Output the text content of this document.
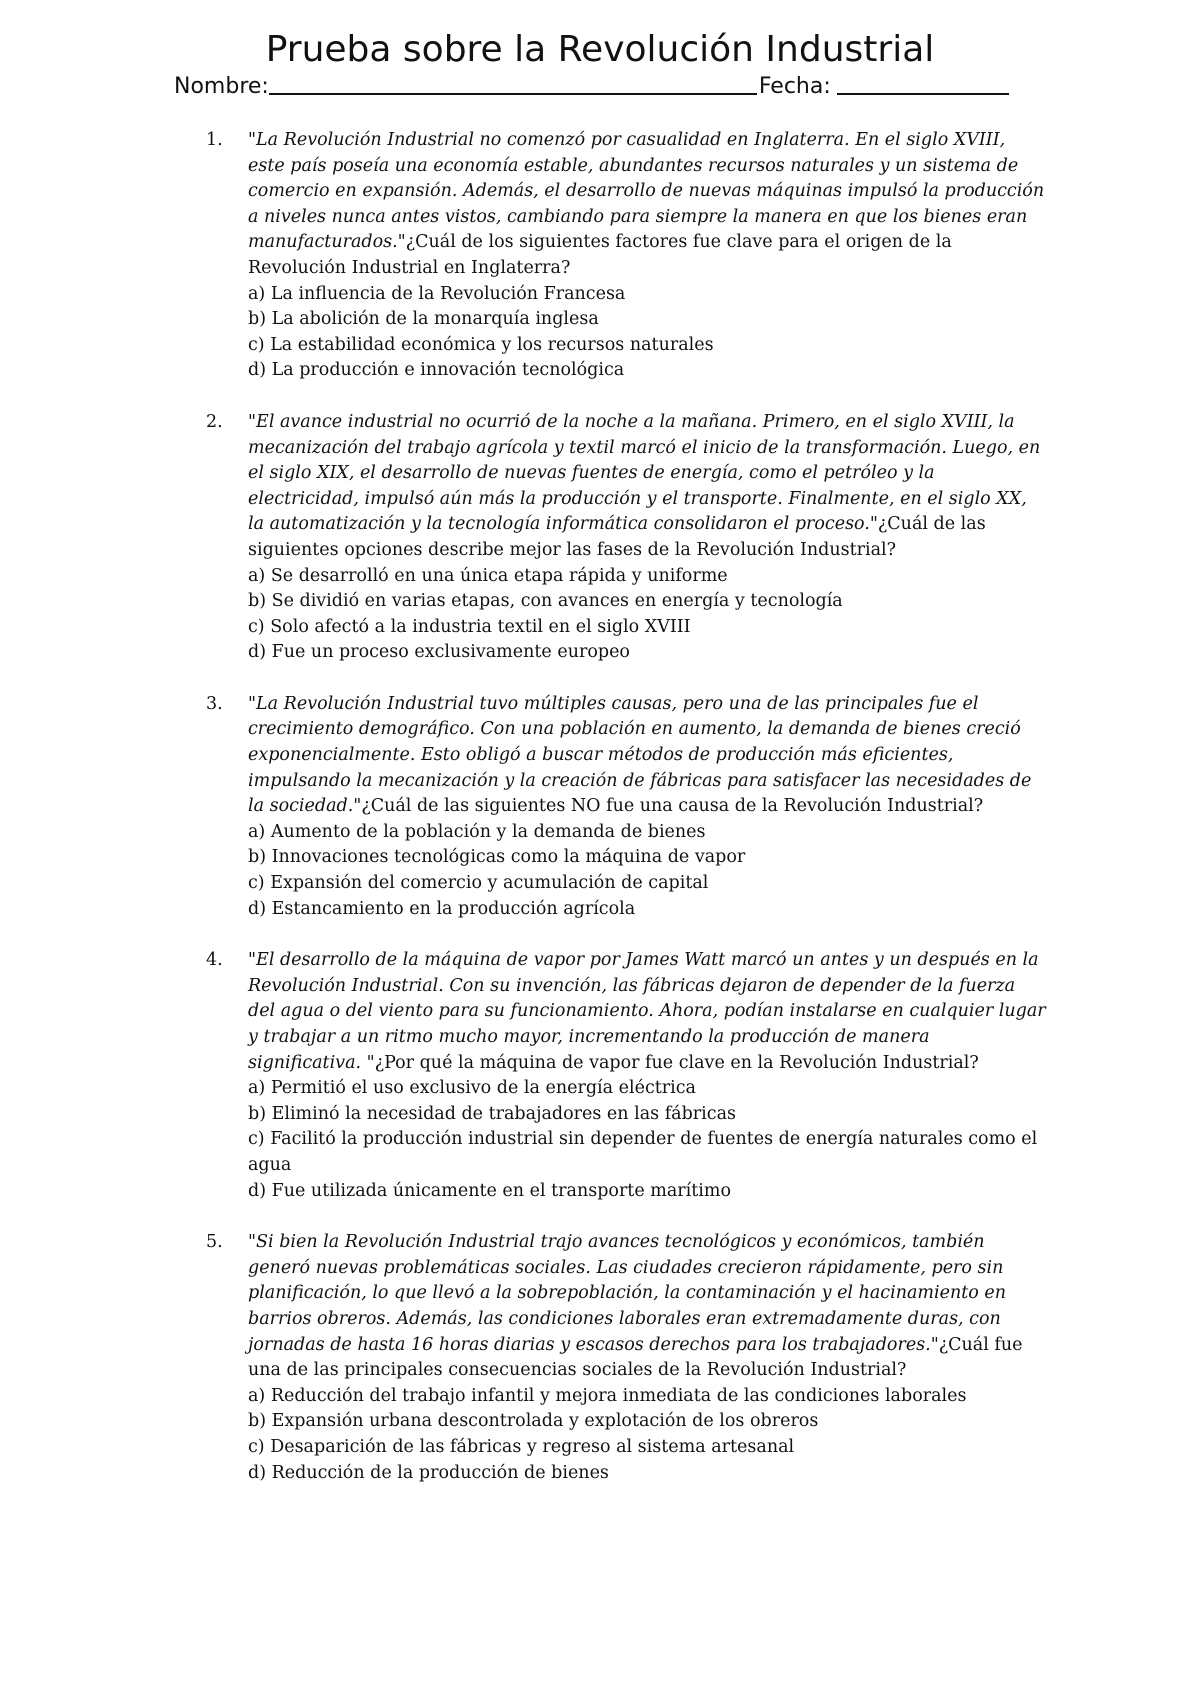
Prueba sobre la Revolución Industrial
Nombre:	Fecha:
1. "La Revolución Industrial no comenzó por casualidad en Inglaterra. En el siglo XVIII, este país poseía una economía estable, abundantes recursos naturales y un sistema de comercio en expansión. Además, el desarrollo de nuevas máquinas impulsó la producción a niveles nunca antes vistos, cambiando para siempre la manera en que los bienes eran manufacturados."¿Cuál de los siguientes factores fue clave para el origen de la Revolución Industrial en Inglaterra?
a) La influencia de la Revolución Francesa
b) La abolición de la monarquía inglesa
c) La estabilidad económica y los recursos naturales
d) La producción e innovación tecnológica
2. "El avance industrial no ocurrió de la noche a la mañana. Primero, en el siglo XVIII, la mecanización del trabajo agrícola y textil marcó el inicio de la transformación. Luego, en el siglo XIX, el desarrollo de nuevas fuentes de energía, como el petróleo y la electricidad, impulsó aún más la producción y el transporte. Finalmente, en el siglo XX, la automatización y la tecnología informática consolidaron el proceso."¿Cuál de las siguientes opciones describe mejor las fases de la Revolución Industrial?
a) Se desarrolló en una única etapa rápida y uniforme
b) Se dividió en varias etapas, con avances en energía y tecnología
c) Solo afectó a la industria textil en el siglo XVIII
d) Fue un proceso exclusivamente europeo
3. "La Revolución Industrial tuvo múltiples causas, pero una de las principales fue el crecimiento demográfico. Con una población en aumento, la demanda de bienes creció exponencialmente. Esto obligó a buscar métodos de producción más eficientes, impulsando la mecanización y la creación de fábricas para satisfacer las necesidades de la sociedad."¿Cuál de las siguientes NO fue una causa de la Revolución Industrial?
a) Aumento de la población y la demanda de bienes
b) Innovaciones tecnológicas como la máquina de vapor
c) Expansión del comercio y acumulación de capital
d) Estancamiento en la producción agrícola
4. "El desarrollo de la máquina de vapor por James Watt marcó un antes y un después en la Revolución Industrial. Con su invención, las fábricas dejaron de depender de la fuerza del agua o del viento para su funcionamiento. Ahora, podían instalarse en cualquier lugar y trabajar a un ritmo mucho mayor, incrementando la producción de manera significativa. "¿Por qué la máquina de vapor fue clave en la Revolución Industrial?
a) Permitió el uso exclusivo de la energía eléctrica
b) Eliminó la necesidad de trabajadores en las fábricas
c) Facilitó la producción industrial sin depender de fuentes de energía naturales como el agua
d) Fue utilizada únicamente en el transporte marítimo
5. "Si bien la Revolución Industrial trajo avances tecnológicos y económicos, también generó nuevas problemáticas sociales. Las ciudades crecieron rápidamente, pero sin planificación, lo que llevó a la sobrepoblación, la contaminación y el hacinamiento en barrios obreros. Además, las condiciones laborales eran extremadamente duras, con jornadas de hasta 16 horas diarias y escasos derechos para los trabajadores."¿Cuál fue una de las principales consecuencias sociales de la Revolución Industrial?
a) Reducción del trabajo infantil y mejora inmediata de las condiciones laborales
b) Expansión urbana descontrolada y explotación de los obreros
c) Desaparición de las fábricas y regreso al sistema artesanal
d) Reducción de la producción de bienes
